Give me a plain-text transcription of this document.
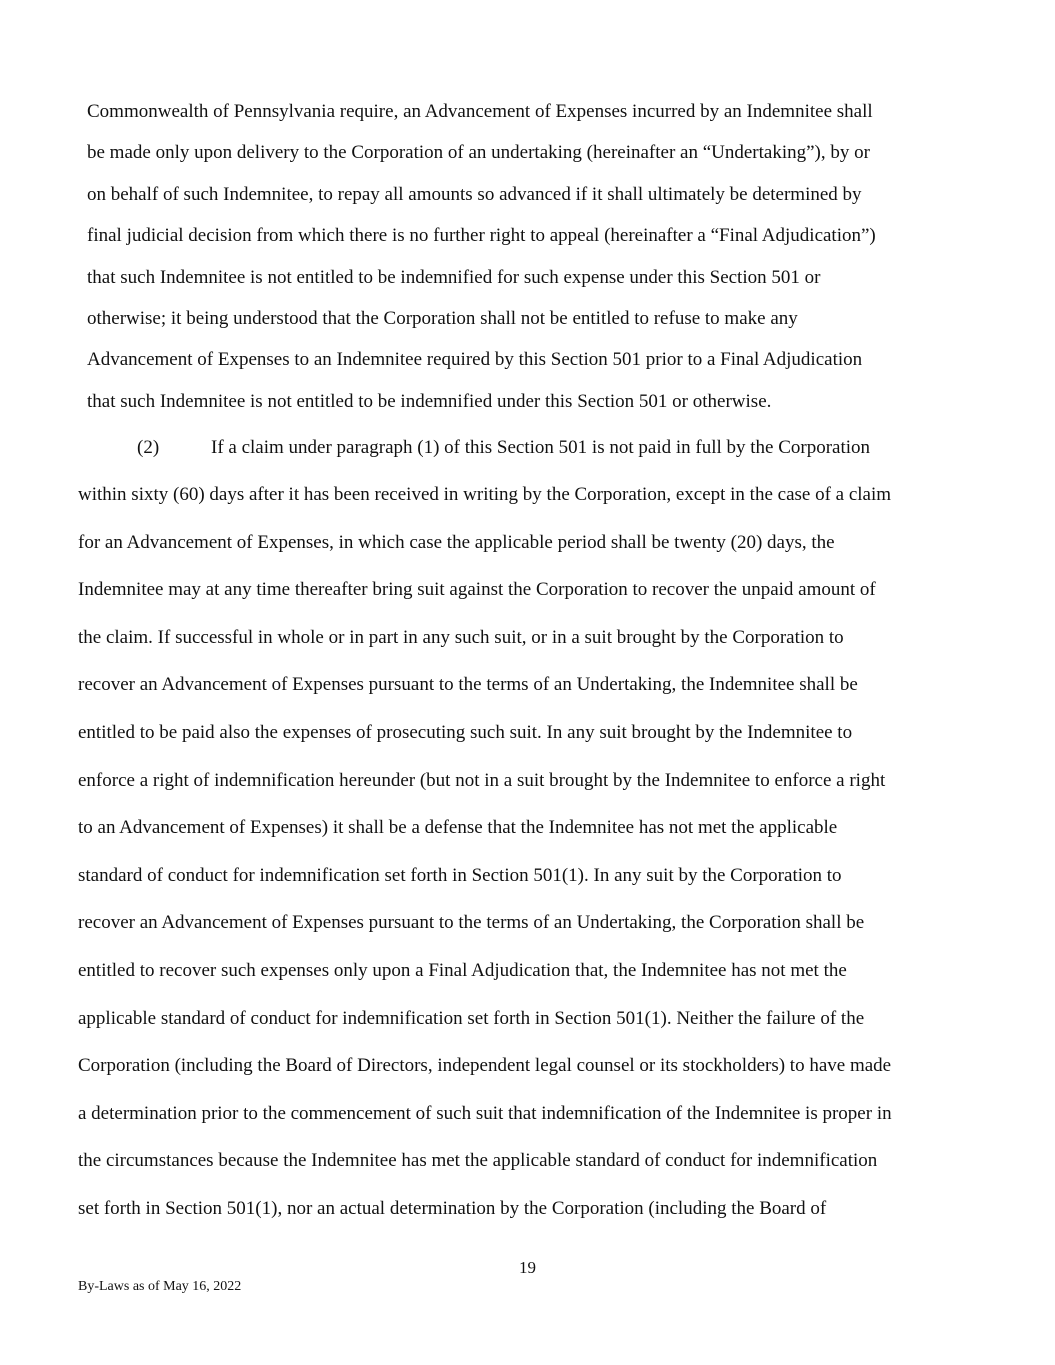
Commonwealth of Pennsylvania require, an Advancement of Expenses incurred by an Indemnitee shall
be made only upon delivery to the Corporation of an undertaking (hereinafter an “Undertaking”), by or
on behalf of such Indemnitee, to repay all amounts so advanced if it shall ultimately be determined by
final judicial decision from which there is no further right to appeal (hereinafter a “Final Adjudication”)
that such Indemnitee is not entitled to be indemnified for such expense under this Section 501 or
otherwise; it being understood that the Corporation shall not be entitled to refuse to make any
Advancement of Expenses to an Indemnitee required by this Section 501 prior to a Final Adjudication
that such Indemnitee is not entitled to be indemnified under this Section 501 or otherwise.
within sixty (60) days after it has been received in writing by the Corporation, except in the case of a claim
for an Advancement of Expenses, in which case the applicable period shall be twenty (20) days, the
Indemnitee may at any time thereafter bring suit against the Corporation to recover the unpaid amount of
the claim. If successful in whole or in part in any such suit, or in a suit brought by the Corporation to
recover an Advancement of Expenses pursuant to the terms of an Undertaking, the Indemnitee shall be
entitled to be paid also the expenses of prosecuting such suit. In any suit brought by the Indemnitee to
enforce a right of indemnification hereunder (but not in a suit brought by the Indemnitee to enforce a right
to an Advancement of Expenses) it shall be a defense that the Indemnitee has not met the applicable
standard of conduct for indemnification set forth in Section 501(1). In any suit by the Corporation to
recover an Advancement of Expenses pursuant to the terms of an Undertaking, the Corporation shall be
entitled to recover such expenses only upon a Final Adjudication that, the Indemnitee has not met the
applicable standard of conduct for indemnification set forth in Section 501(1). Neither the failure of the
Corporation (including the Board of Directors, independent legal counsel or its stockholders) to have made
a determination prior to the commencement of such suit that indemnification of the Indemnitee is proper in
the circumstances because the Indemnitee has met the applicable standard of conduct for indemnification
set forth in Section 501(1), nor an actual determination by the Corporation (including the Board of
(2)	If a claim under paragraph (1) of this Section 501 is not paid in full by the Corporation
19
By-Laws as of May 16, 2022
